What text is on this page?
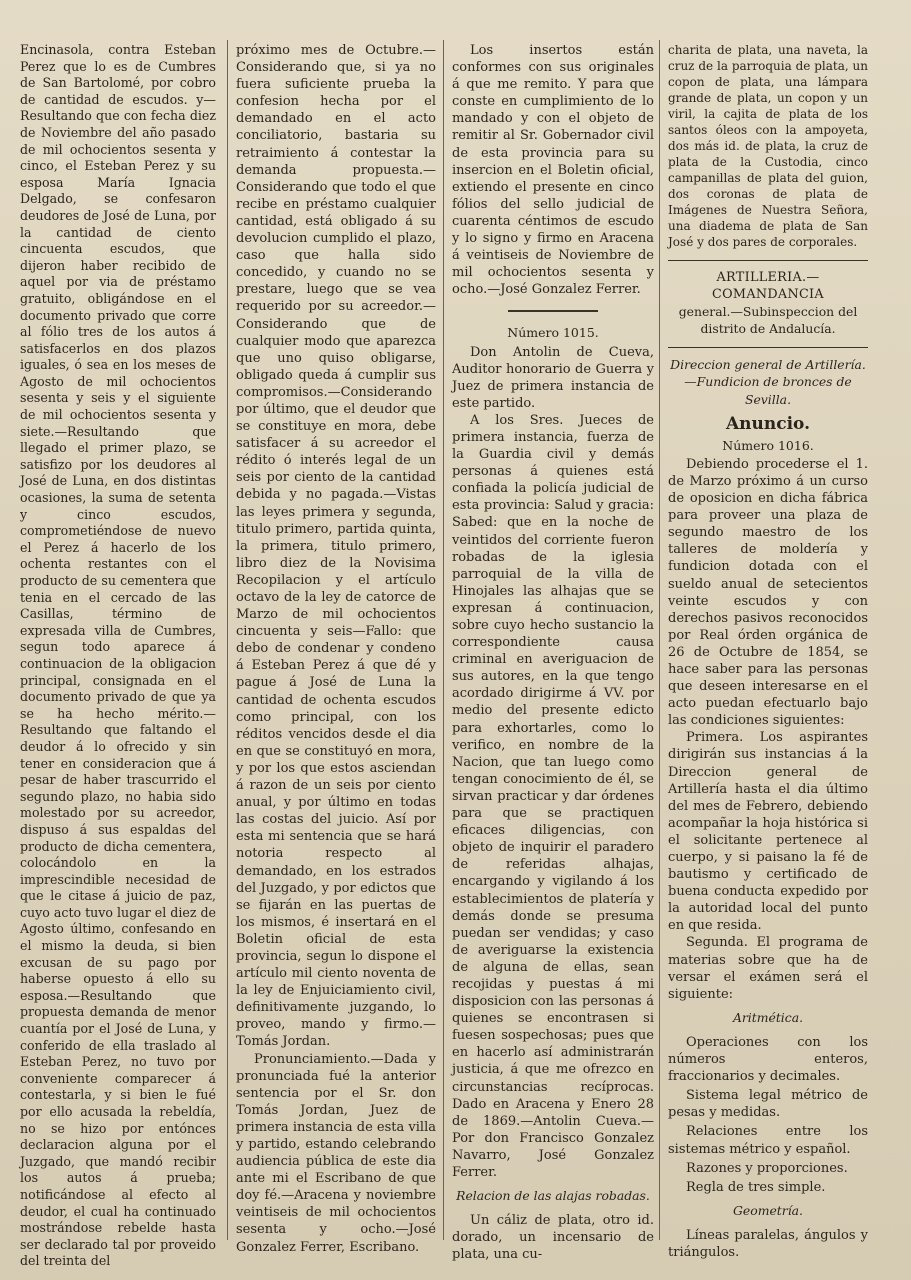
Encinasola, contra Esteban Perez que lo es de Cumbres de San Bartolomé, por cobro de cantidad de escudos. y—Resultando que con fecha diez de Noviembre del año pasado de mil ochocientos sesenta y cinco, el Esteban Perez y su esposa María Ignacia Delgado, se confesaron deudores de José de Luna, por la cantidad de ciento cincuenta escudos, que dijeron haber recibido de aquel por via de préstamo gratuito, obligándose en el documento privado que corre al fólio tres de los autos á satisfacerlos en dos plazos iguales, ó sea en los meses de Agosto de mil ochocientos sesenta y seis y el siguiente de mil ochocientos sesenta y siete.—Resultando que llegado el primer plazo, se satisfizo por los deudores al José de Luna, en dos distintas ocasiones, la suma de setenta y cinco escudos, comprometiéndose de nuevo el Perez á hacerlo de los ochenta restantes con el producto de su cementera que tenia en el cercado de las Casillas, término de expresada villa de Cumbres, segun todo aparece á continuacion de la obligacion principal, consignada en el documento privado de que ya se ha hecho mérito.—Resultando que faltando el deudor á lo ofrecido y sin tener en consideracion que á pesar de haber trascurrido el segundo plazo, no habia sido molestado por su acreedor, dispuso á sus espaldas del producto de dicha cementera, colocándolo en la imprescindible necesidad de que le citase á juicio de paz, cuyo acto tuvo lugar el diez de Agosto último, confesando en el mismo la deuda, si bien excusan de su pago por haberse opuesto á ello su esposa.—Resultando que propuesta demanda de menor cuantía por el José de Luna, y conferido de ella traslado al Esteban Perez, no tuvo por conveniente comparecer á contestarla, y si bien le fué por ello acusada la rebeldía, no se hizo por entónces declaracion alguna por el Juzgado, que mandó recibir los autos á prueba; notificándose al efecto al deudor, el cual ha continuado mostrándose rebelde hasta ser declarado tal por proveido del treinta del

próximo mes de Octubre.—Considerando que, si ya no fuera suficiente prueba la confesion hecha por el demandado en el acto conciliatorio, bastaria su retraimiento á contestar la demanda propuesta.—Considerando que todo el que recibe en préstamo cualquier cantidad, está obligado á su devolucion cumplido el plazo, caso que halla sido concedido, y cuando no se prestare, luego que se vea requerido por su acreedor.—Considerando que de cualquier modo que aparezca que uno quiso obligarse, obligado queda á cumplir sus compromisos.—Considerando por último, que el deudor que se constituye en mora, debe satisfacer á su acreedor el rédito ó interés legal de un seis por ciento de la cantidad debida y no pagada.—Vistas las leyes primera y segunda, titulo primero, partida quinta, la primera, titulo primero, libro diez de la Novisima Recopilacion y el artículo octavo de la ley de catorce de Marzo de mil ochocientos cincuenta y seis—Fallo: que debo de condenar y condeno á Esteban Perez á que dé y pague á José de Luna la cantidad de ochenta escudos como principal, con los réditos vencidos desde el dia en que se constituyó en mora, y por los que estos asciendan á razon de un seis por ciento anual, y por último en todas las costas del juicio. Así por esta mi sentencia que se hará notoria respecto al demandado, en los estrados del Juzgado, y por edictos que se fijarán en las puertas de los mismos, é insertará en el Boletin oficial de esta provincia, segun lo dispone el artículo mil ciento noventa de la ley de Enjuiciamiento civil, definitivamente juzgando, lo proveo, mando y firmo.—Tomás Jordan.

Pronunciamiento.—Dada y pronunciada fué la anterior sentencia por el Sr. don Tomás Jordan, Juez de primera instancia de esta villa y partido, estando celebrando audiencia pública de este dia ante mi el Escribano de que doy fé.—Aracena y noviembre veintiseis de mil ochocientos sesenta y ocho.—José Gonzalez Ferrer, Escribano.

Los insertos están conformes con sus originales á que me remito. Y para que conste en cumplimiento de lo mandado y con el objeto de remitir al Sr. Gobernador civil de esta provincia para su insercion en el Boletin oficial, extiendo el presente en cinco fólios del sello judicial de cuarenta céntimos de escudo y lo signo y firmo en Aracena á veintiseis de Noviembre de mil ochocientos sesenta y ocho.—José Gonzalez Ferrer.

Número 1015.

Don Antolin de Cueva, Auditor honorario de Guerra y Juez de primera instancia de este partido.

A los Sres. Jueces de primera instancia, fuerza de la Guardia civil y demás personas á quienes está confiada la policía judicial de esta provincia: Salud y gracia: Sabed: que en la noche de veintidos del corriente fueron robadas de la iglesia parroquial de la villa de Hinojales las alhajas que se expresan á continuacion, sobre cuyo hecho sustancio la correspondiente causa criminal en averiguacion de sus autores, en la que tengo acordado dirigirme á VV. por medio del presente edicto para exhortarles, como lo verifico, en nombre de la Nacion, que tan luego como tengan conocimiento de él, se sirvan practicar y dar órdenes para que se practiquen eficaces diligencias, con objeto de inquirir el paradero de referidas alhajas, encargando y vigilando á los establecimientos de platería y demás donde se presuma puedan ser vendidas; y caso de averiguarse la existencia de alguna de ellas, sean recojidas y puestas á mi disposicion con las personas á quienes se encontrasen si fuesen sospechosas; pues que en hacerlo así administrarán justicia, á que me ofrezco en circunstancias recíprocas. Dado en Aracena y Enero 28 de 1869.—Antolin Cueva.—Por don Francisco Gonzalez Navarro, José Gonzalez Ferrer.

Relacion de las alajas robadas.

Un cáliz de plata, otro id. dorado, un incensario de plata, una cu-

charita de plata, una naveta, la cruz de la parroquia de plata, un copon de plata, una lámpara grande de plata, un copon y un viril, la cajita de plata de los santos óleos con la ampoyeta, dos más id. de plata, la cruz de plata de la Custodia, cinco campanillas de plata del guion, dos coronas de plata de Imágenes de Nuestra Señora, una diadema de plata de San José y dos pares de corporales.

ARTILLERIA.—COMANDANCIA
general.—Subinspeccion del distrito de Andalucía.
Direccion general de Artillería.—Fundicion de bronces de Sevilla.
Anuncio.
Número 1016.

Debiendo procederse el 1. de Marzo próximo á un curso de oposicion en dicha fábrica para proveer una plaza de segundo maestro de los talleres de moldería y fundicion dotada con el sueldo anual de setecientos veinte escudos y con derechos pasivos reconocidos por Real órden orgánica de 26 de Octubre de 1854, se hace saber para las personas que deseen interesarse en el acto puedan efectuarlo bajo las condiciones siguientes:

Primera. Los aspirantes dirigirán sus instancias á la Direccion general de Artillería hasta el dia último del mes de Febrero, debiendo acompañar la hoja histórica si el solicitante pertenece al cuerpo, y si paisano la fé de bautismo y certificado de buena conducta expedido por la autoridad local del punto en que resida.

Segunda. El programa de materias sobre que ha de versar el exámen será el siguiente:

Aritmética.

Operaciones con los números enteros, fraccionarios y decimales.

Sistema legal métrico de pesas y medidas.

Relaciones entre los sistemas métrico y español.

Razones y proporciones.

Regla de tres simple.

Geometría.

Líneas paralelas, ángulos y triángulos.
